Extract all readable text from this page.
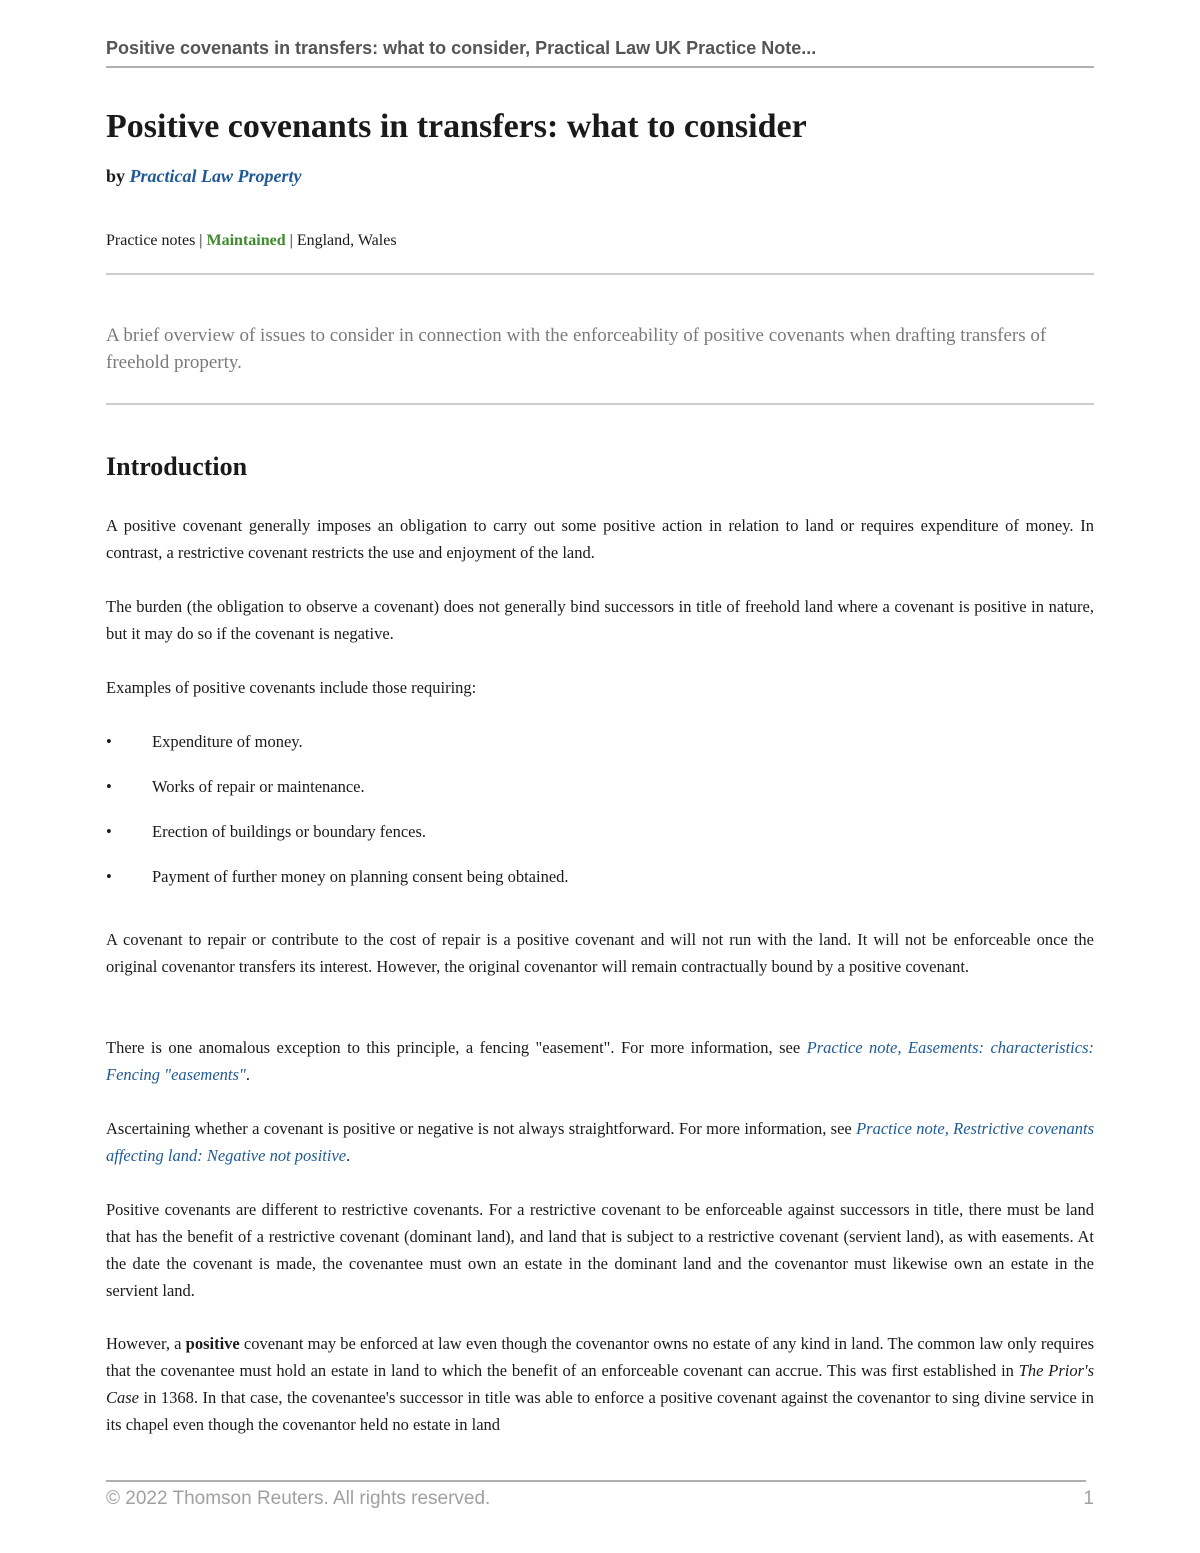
Positive covenants in transfers: what to consider, Practical Law UK Practice Note...
Positive covenants in transfers: what to consider
by Practical Law Property
Practice notes | Maintained | England, Wales

A brief overview of issues to consider in connection with the enforceability of positive covenants when drafting transfers of freehold property.

Introduction

A positive covenant generally imposes an obligation to carry out some positive action in relation to land or requires expenditure of money. In contrast, a restrictive covenant restricts the use and enjoyment of the land.

The burden (the obligation to observe a covenant) does not generally bind successors in title of freehold land where a covenant is positive in nature, but it may do so if the covenant is negative.

Examples of positive covenants include those requiring:

•	Expenditure of money.
•	Works of repair or maintenance.
•	Erection of buildings or boundary fences.
•	Payment of further money on planning consent being obtained.

A covenant to repair or contribute to the cost of repair is a positive covenant and will not run with the land. It will not be enforceable once the original covenantor transfers its interest. However, the original covenantor will remain contractually bound by a positive covenant.

There is one anomalous exception to this principle, a fencing "easement". For more information, see Practice note, Easements: characteristics: Fencing "easements".

Ascertaining whether a covenant is positive or negative is not always straightforward. For more information, see Practice note, Restrictive covenants affecting land: Negative not positive.

Positive covenants are different to restrictive covenants. For a restrictive covenant to be enforceable against successors in title, there must be land that has the benefit of a restrictive covenant (dominant land), and land that is subject to a restrictive covenant (servient land), as with easements. At the date the covenant is made, the covenantee must own an estate in the dominant land and the covenantor must likewise own an estate in the servient land.

However, a positive covenant may be enforced at law even though the covenantor owns no estate of any kind in land. The common law only requires that the covenantee must hold an estate in land to which the benefit of an enforceable covenant can accrue. This was first established in The Prior's Case in 1368. In that case, the covenantee's successor in title was able to enforce a positive covenant against the covenantor to sing divine service in its chapel even though the covenantor held no estate in land

© 2022 Thomson Reuters. All rights reserved.	1
